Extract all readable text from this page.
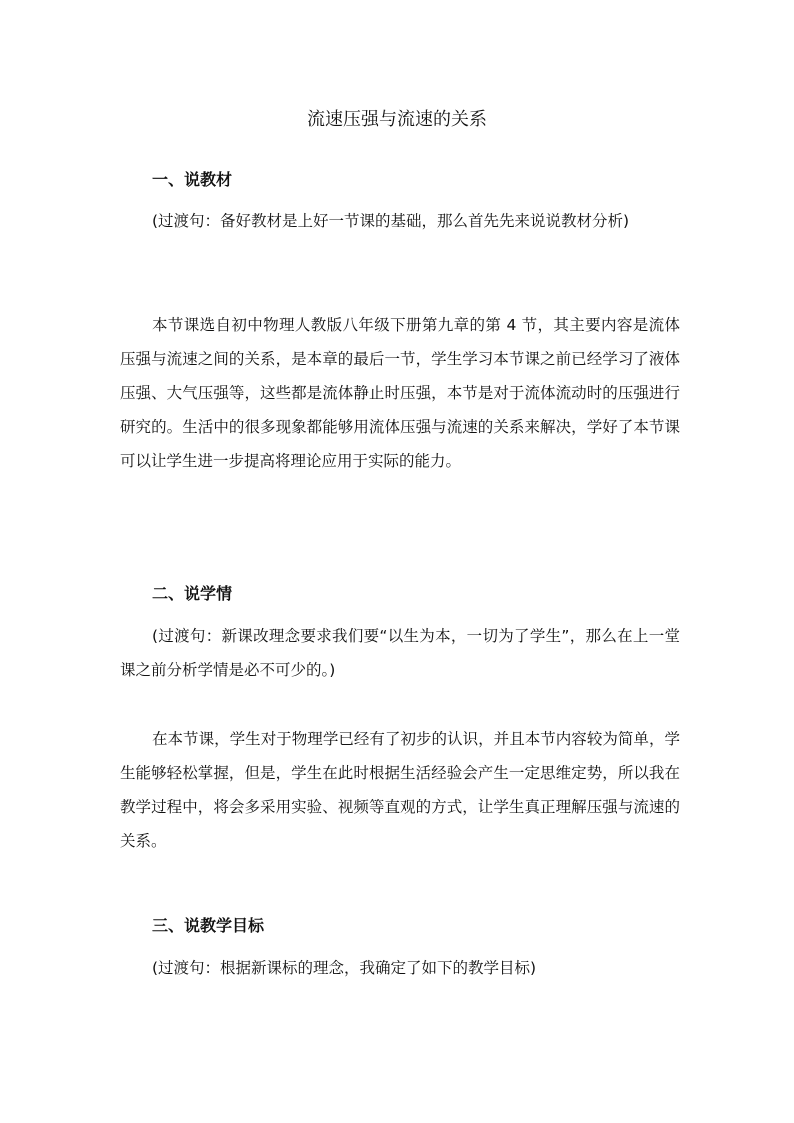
流速压强与流速的关系
一、说教材
(过渡句：备好教材是上好一节课的基础，那么首先先来说说教材分析)
本节课选自初中物理人教版八年级下册第九章的第 4 节，其主要内容是流体压强与流速之间的关系，是本章的最后一节，学生学习本节课之前已经学习了液体压强、大气压强等，这些都是流体静止时压强，本节是对于流体流动时的压强进行研究的。生活中的很多现象都能够用流体压强与流速的关系来解决，学好了本节课可以让学生进一步提高将理论应用于实际的能力。
二、说学情
(过渡句：新课改理念要求我们要“以生为本，一切为了学生”，那么在上一堂课之前分析学情是必不可少的。)
在本节课，学生对于物理学已经有了初步的认识，并且本节内容较为简单，学生能够轻松掌握，但是，学生在此时根据生活经验会产生一定思维定势，所以我在教学过程中，将会多采用实验、视频等直观的方式，让学生真正理解压强与流速的关系。
三、说教学目标
(过渡句：根据新课标的理念，我确定了如下的教学目标)
